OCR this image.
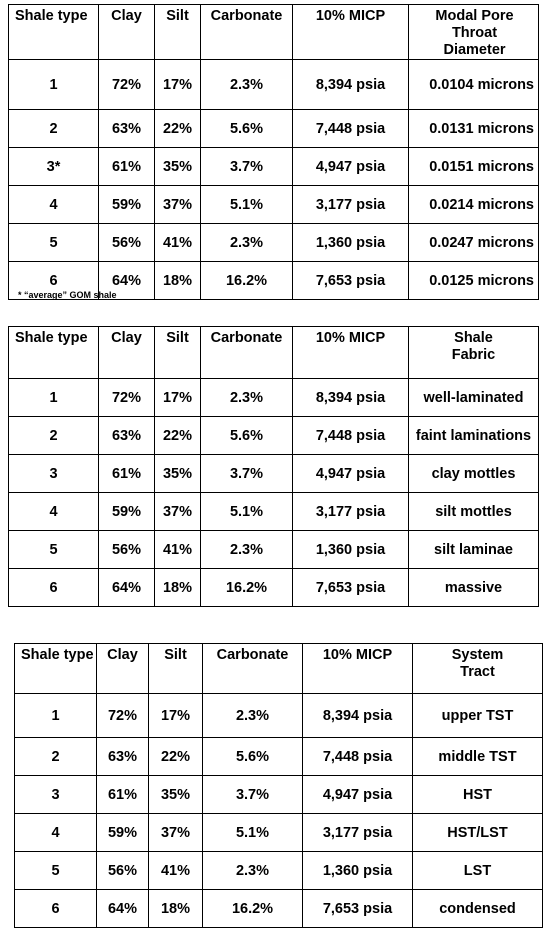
Shale type	Clay	Silt	Carbonate	10% MICP	Modal Pore Throat Diameter
1	72%	17%	2.3%	8,394 psia	0.0104 microns
2	63%	22%	5.6%	7,448 psia	0.0131 microns
3*	61%	35%	3.7%	4,947 psia	0.0151 microns
4	59%	37%	5.1%	3,177 psia	0.0214 microns
5	56%	41%	2.3%	1,360 psia	0.0247 microns
6	64%	18%	16.2%	7,653 psia	0.0125 microns
* “average” GOM shale
Shale type	Clay	Silt	Carbonate	10% MICP	Shale Fabric
1	72%	17%	2.3%	8,394 psia	well-laminated
2	63%	22%	5.6%	7,448 psia	faint laminations
3	61%	35%	3.7%	4,947 psia	clay mottles
4	59%	37%	5.1%	3,177 psia	silt mottles
5	56%	41%	2.3%	1,360 psia	silt laminae
6	64%	18%	16.2%	7,653 psia	massive
Shale type	Clay	Silt	Carbonate	10% MICP	System Tract
1	72%	17%	2.3%	8,394 psia	upper TST
2	63%	22%	5.6%	7,448 psia	middle TST
3	61%	35%	3.7%	4,947 psia	HST
4	59%	37%	5.1%	3,177 psia	HST/LST
5	56%	41%	2.3%	1,360 psia	LST
6	64%	18%	16.2%	7,653 psia	condensed
